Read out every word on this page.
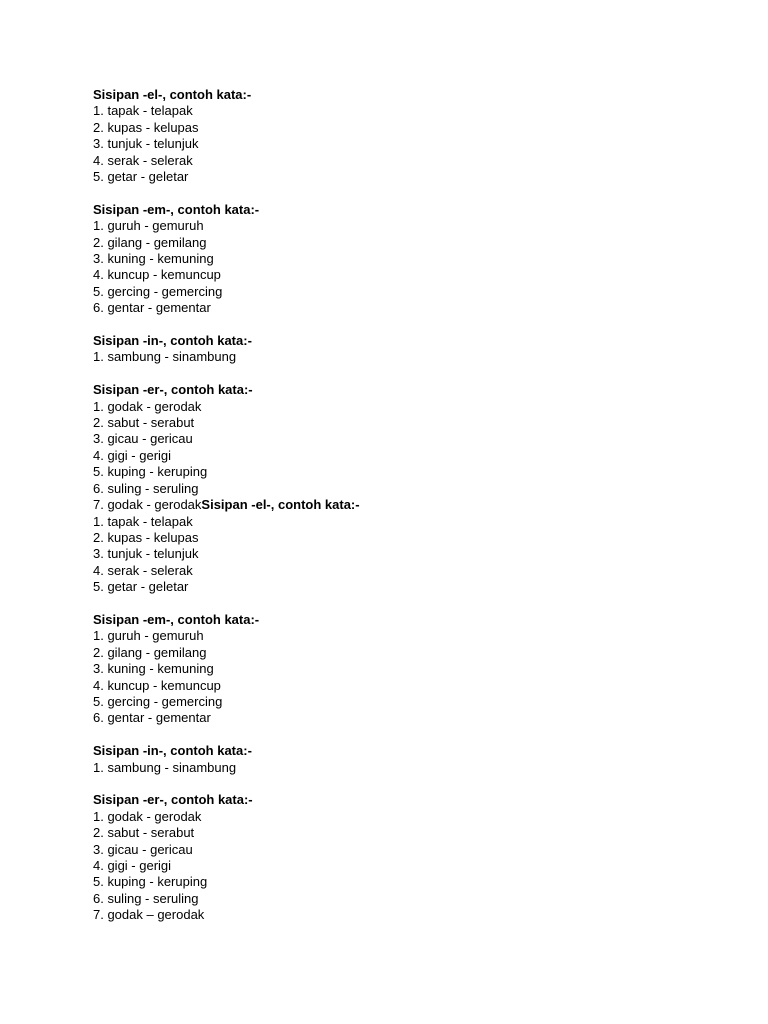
Sisipan -el-, contoh kata:-
1. tapak - telapak
2. kupas - kelupas
3. tunjuk - telunjuk
4. serak - selerak
5. getar - geletar
Sisipan -em-, contoh kata:-
1. guruh - gemuruh
2. gilang - gemilang
3. kuning - kemuning
4. kuncup - kemuncup
5. gercing - gemercing
6. gentar - gementar
Sisipan -in-, contoh kata:-
1. sambung - sinambung
Sisipan -er-, contoh kata:-
1. godak - gerodak
2. sabut - serabut
3. gicau - gericau
4. gigi - gerigi
5. kuping - keruping
6. suling - seruling
7. godak - gerodakSisipan -el-, contoh kata:-
1. tapak - telapak
2. kupas - kelupas
3. tunjuk - telunjuk
4. serak - selerak
5. getar - geletar
Sisipan -em-, contoh kata:-
1. guruh - gemuruh
2. gilang - gemilang
3. kuning - kemuning
4. kuncup - kemuncup
5. gercing - gemercing
6. gentar - gementar
Sisipan -in-, contoh kata:-
1. sambung - sinambung
Sisipan -er-, contoh kata:-
1. godak - gerodak
2. sabut - serabut
3. gicau - gericau
4. gigi - gerigi
5. kuping - keruping
6. suling - seruling
7. godak – gerodak
